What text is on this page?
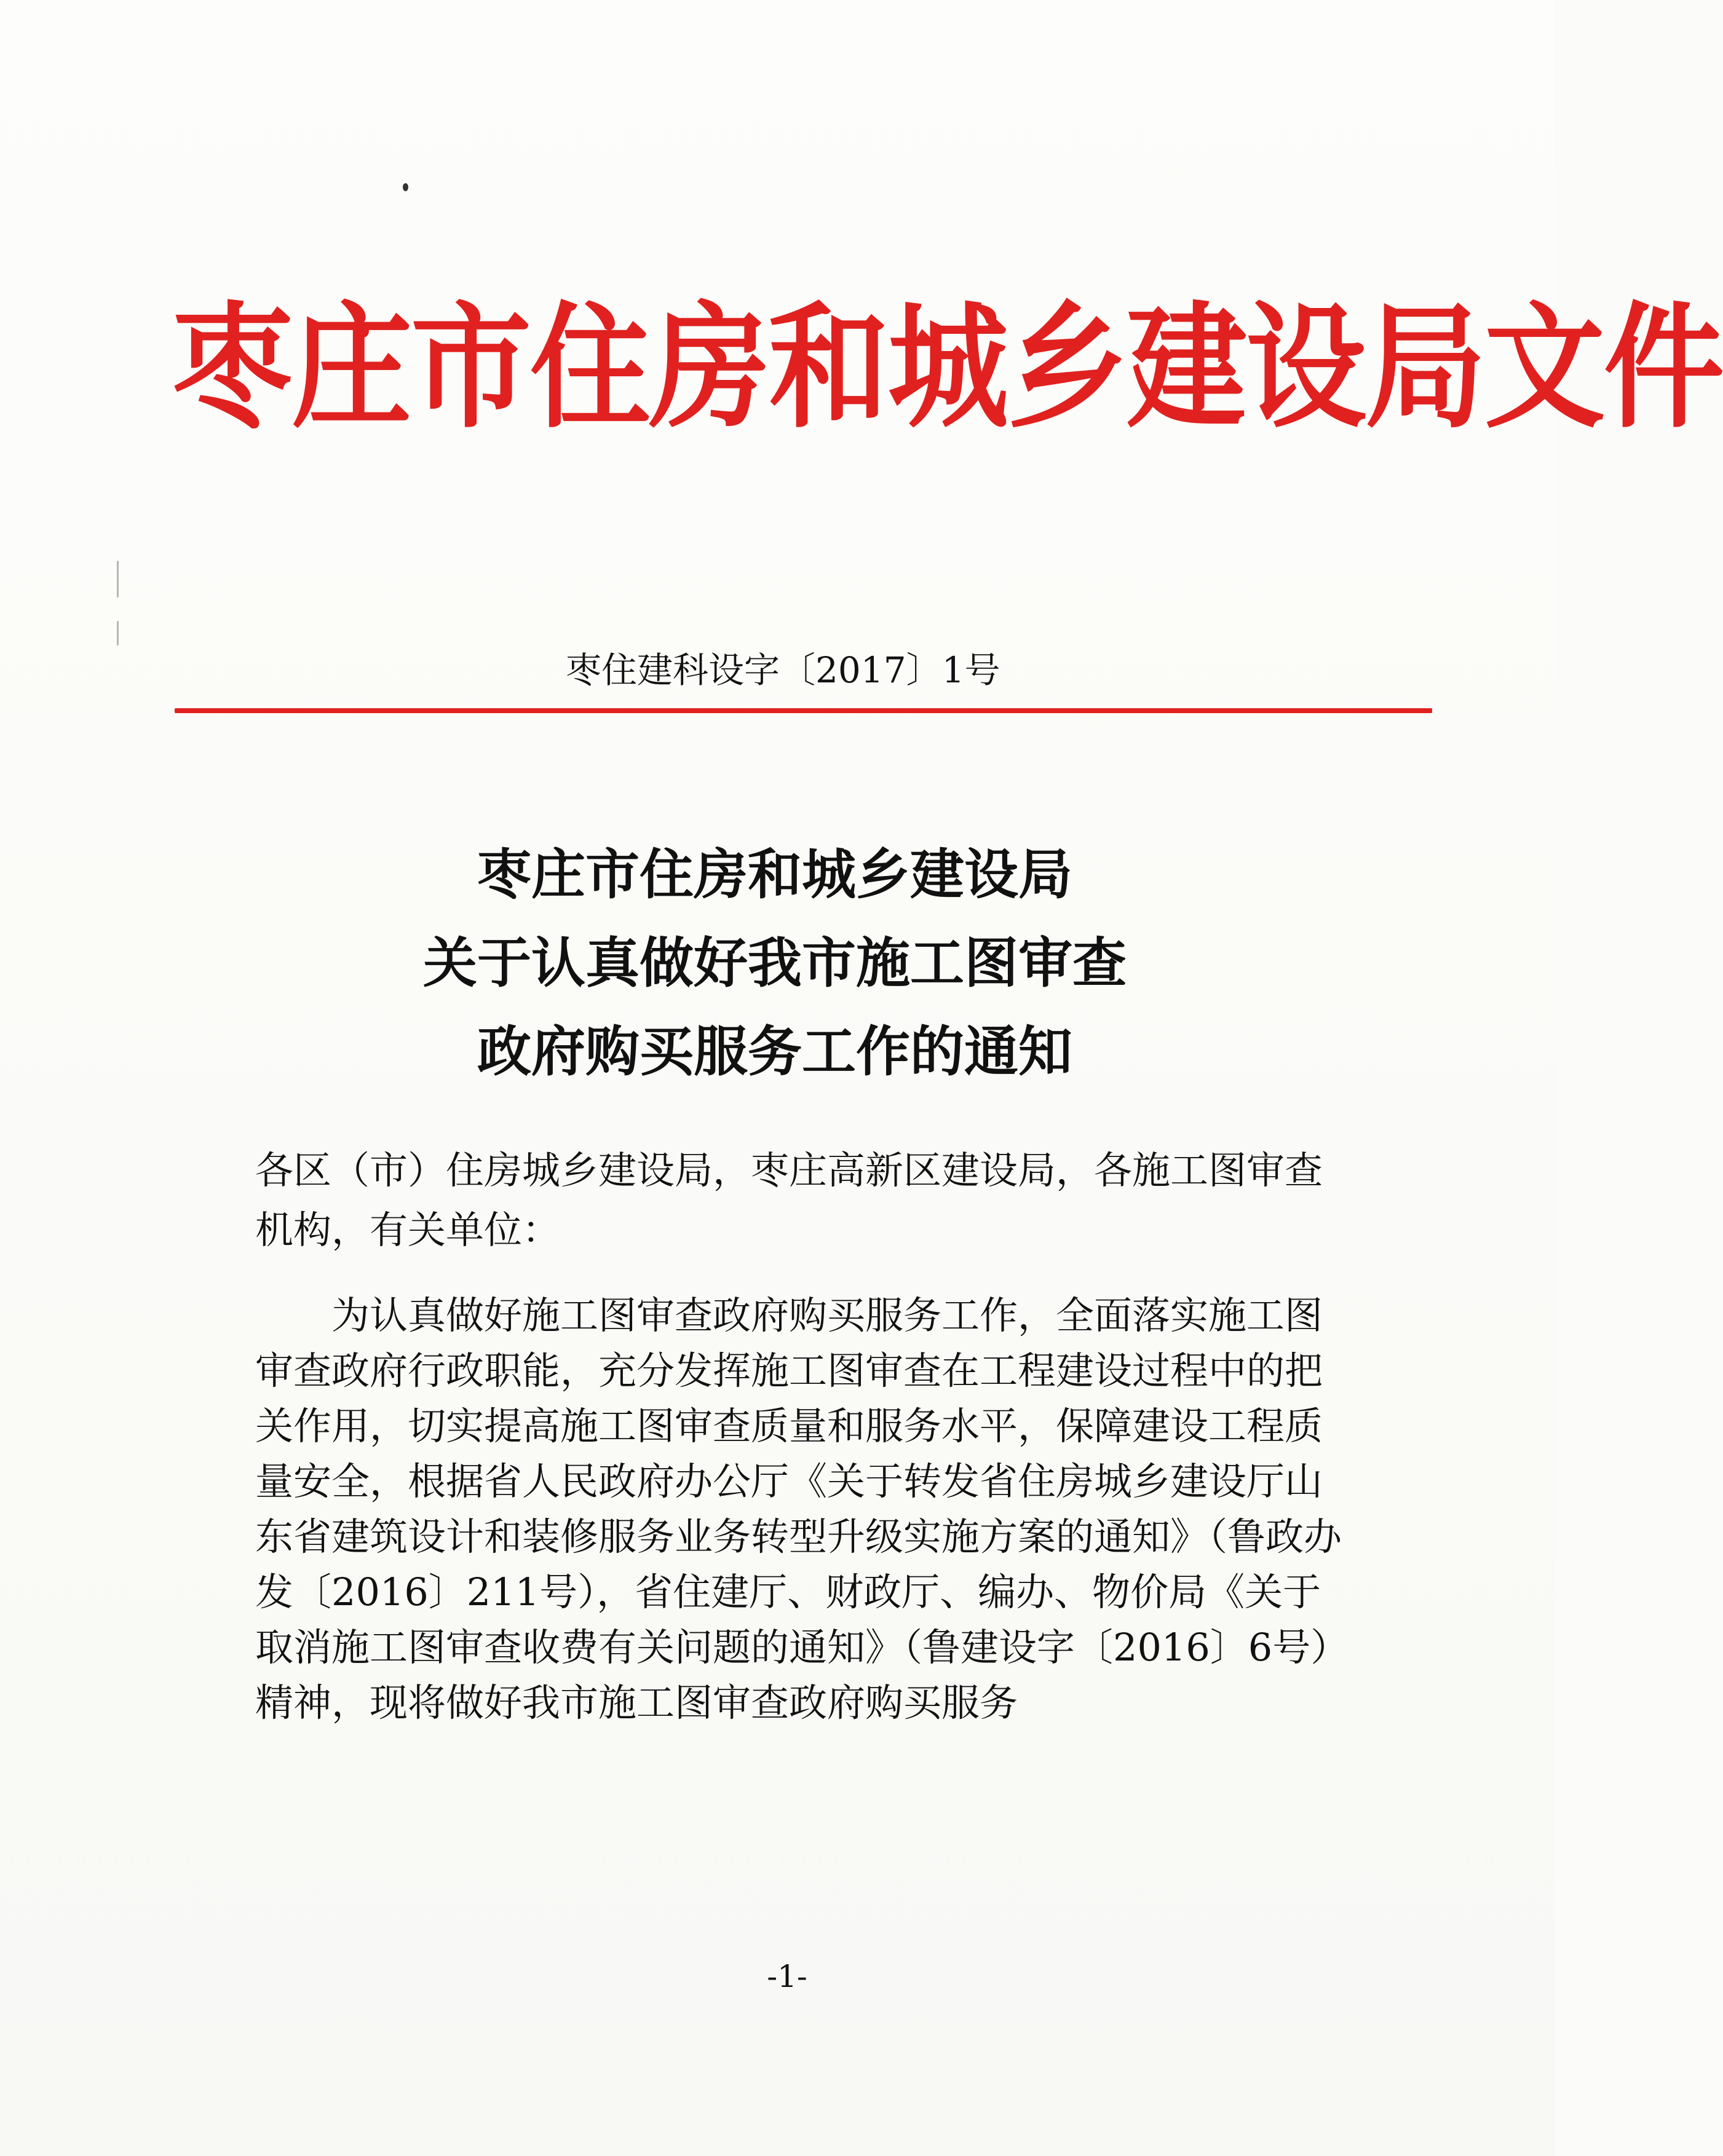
枣庄市住房和城乡建设局文件
枣住建科设字〔2017〕1号
枣庄市住房和城乡建设局
关于认真做好我市施工图审查
政府购买服务工作的通知
各区（市）住房城乡建设局，枣庄高新区建设局，各施工图审查机构，有关单位：

为认真做好施工图审查政府购买服务工作，全面落实施工图审查政府行政职能，充分发挥施工图审查在工程建设过程中的把关作用，切实提高施工图审查质量和服务水平，保障建设工程质量安全，根据省人民政府办公厅《关于转发省住房城乡建设厅山东省建筑设计和装修服务业务转型升级实施方案的通知》（鲁政办发〔2016〕211号），省住建厅、财政厅、编办、物价局《关于取消施工图审查收费有关问题的通知》（鲁建设字〔2016〕6号）精神，现将做好我市施工图审查政府购买服务

-1-
